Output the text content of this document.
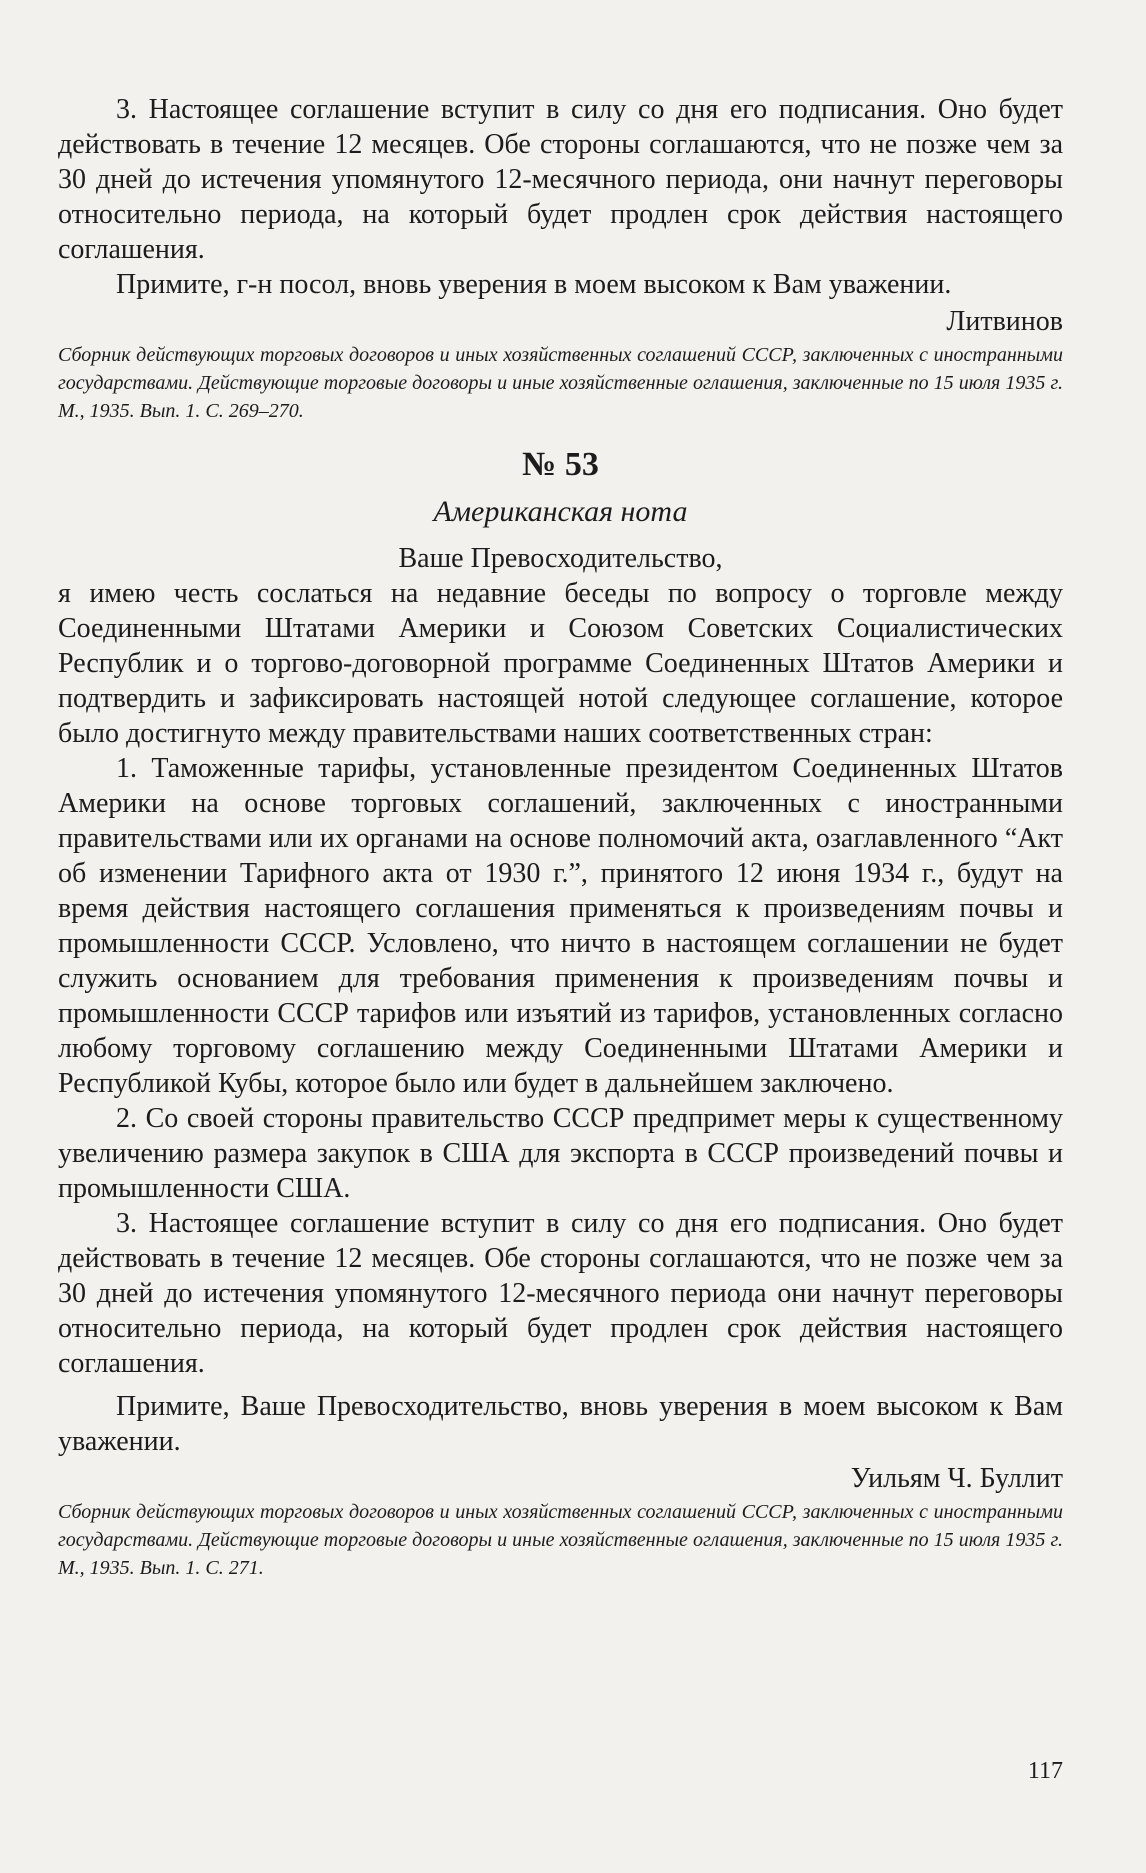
3. Настоящее соглашение вступит в силу со дня его подписания. Оно будет действовать в течение 12 месяцев. Обе стороны соглашаются, что не позже чем за 30 дней до истечения упомянутого 12-месячного периода, они начнут переговоры относительно периода, на который будет продлен срок действия настоящего соглашения.

Примите, г-н посол, вновь уверения в моем высоком к Вам уважении.

Литвинов

Сборник действующих торговых договоров и иных хозяйственных соглашений СССР, заключенных с иностранными государствами. Действующие торговые договоры и иные хозяйственные оглашения, заключенные по 15 июля 1935 г. М., 1935. Вып. 1. С. 269–270.

№ 53

Американская нота

Ваше Превосходительство,

я имею честь сослаться на недавние беседы по вопросу о торговле между Соединенными Штатами Америки и Союзом Советских Социалистических Республик и о торгово-договорной программе Соединенных Штатов Америки и подтвердить и зафиксировать настоящей нотой следующее соглашение, которое было достигнуто между правительствами наших соответственных стран:

1. Таможенные тарифы, установленные президентом Соединенных Штатов Америки на основе торговых соглашений, заключенных с иностранными правительствами или их органами на основе полномочий акта, озаглавленного “Акт об изменении Тарифного акта от 1930 г.”, принятого 12 июня 1934 г., будут на время действия настоящего соглашения применяться к произведениям почвы и промышленности СССР. Условлено, что ничто в настоящем соглашении не будет служить основанием для требования применения к произведениям почвы и промышленности СССР тарифов или изъятий из тарифов, установленных согласно любому торговому соглашению между Соединенными Штатами Америки и Республикой Кубы, которое было или будет в дальнейшем заключено.

2. Со своей стороны правительство СССР предпримет меры к существенному увеличению размера закупок в США для экспорта в СССР произведений почвы и промышленности США.

3. Настоящее соглашение вступит в силу со дня его подписания. Оно будет действовать в течение 12 месяцев. Обе стороны соглашаются, что не позже чем за 30 дней до истечения упомянутого 12-месячного периода они начнут переговоры относительно периода, на который будет продлен срок действия настоящего соглашения.

Примите, Ваше Превосходительство, вновь уверения в моем высоком к Вам уважении.

Уильям Ч. Буллит

Сборник действующих торговых договоров и иных хозяйственных соглашений СССР, заключенных с иностранными государствами. Действующие торговые договоры и иные хозяйственные оглашения, заключенные по 15 июля 1935 г. М., 1935. Вып. 1. С. 271.

117
